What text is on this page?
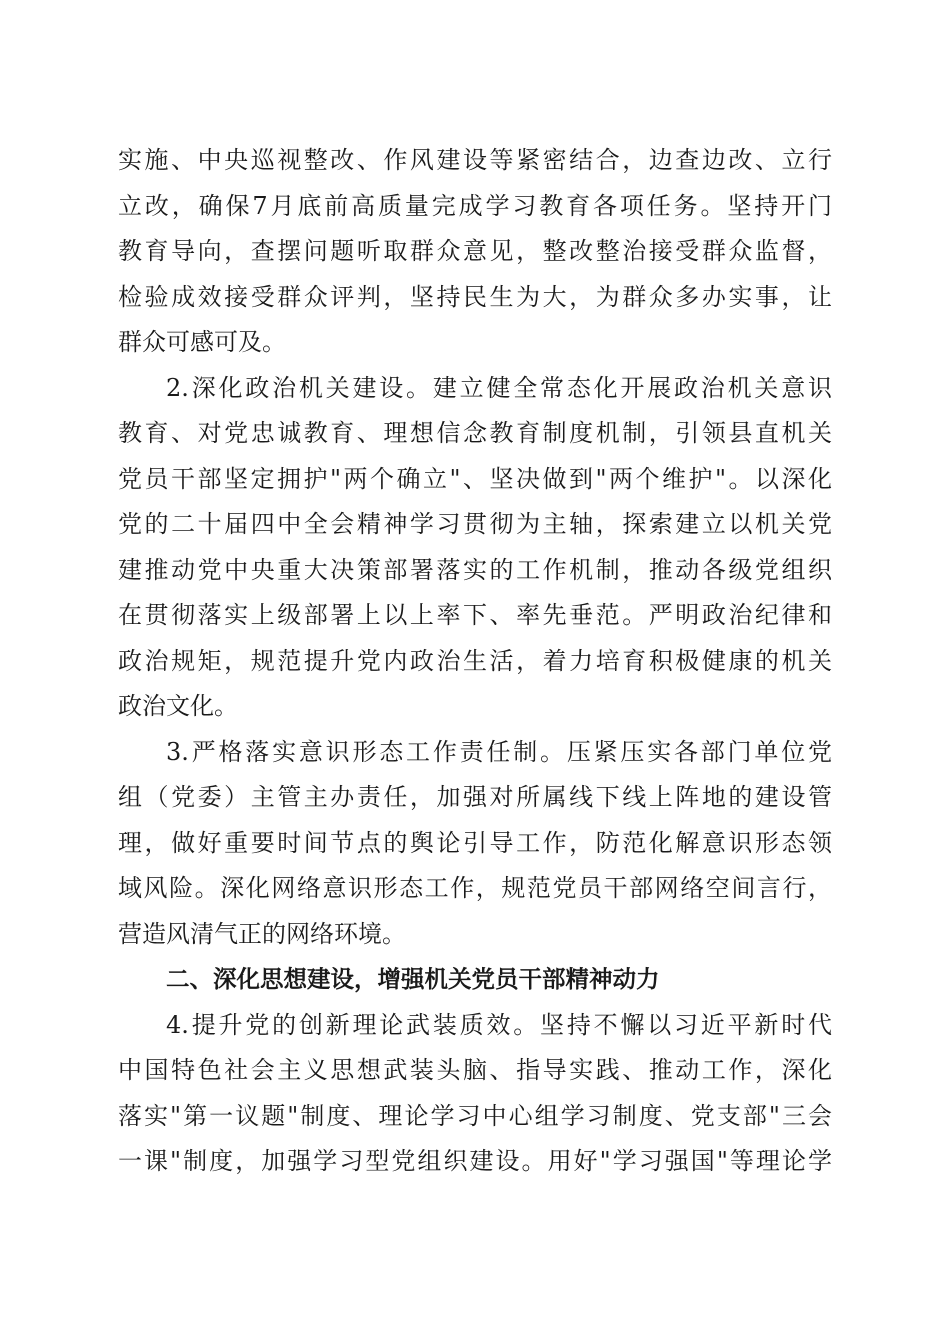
实施、中央巡视整改、作风建设等紧密结合，边查边改、立行
立改，确保7月底前高质量完成学习教育各项任务。坚持开门
教育导向，查摆问题听取群众意见，整改整治接受群众监督，
检验成效接受群众评判，坚持民生为大，为群众多办实事，让
群众可感可及。
2.深化政治机关建设。建立健全常态化开展政治机关意识
教育、对党忠诚教育、理想信念教育制度机制，引领县直机关
党员干部坚定拥护"两个确立"、坚决做到"两个维护"。以深化
党的二十届四中全会精神学习贯彻为主轴，探索建立以机关党
建推动党中央重大决策部署落实的工作机制，推动各级党组织
在贯彻落实上级部署上以上率下、率先垂范。严明政治纪律和
政治规矩，规范提升党内政治生活，着力培育积极健康的机关
政治文化。
3.严格落实意识形态工作责任制。压紧压实各部门单位党
组（党委）主管主办责任，加强对所属线下线上阵地的建设管
理，做好重要时间节点的舆论引导工作，防范化解意识形态领
域风险。深化网络意识形态工作，规范党员干部网络空间言行，
营造风清气正的网络环境。
二、深化思想建设，增强机关党员干部精神动力
4.提升党的创新理论武装质效。坚持不懈以习近平新时代
中国特色社会主义思想武装头脑、指导实践、推动工作，深化
落实"第一议题"制度、理论学习中心组学习制度、党支部"三会
一课"制度，加强学习型党组织建设。用好"学习强国"等理论学
